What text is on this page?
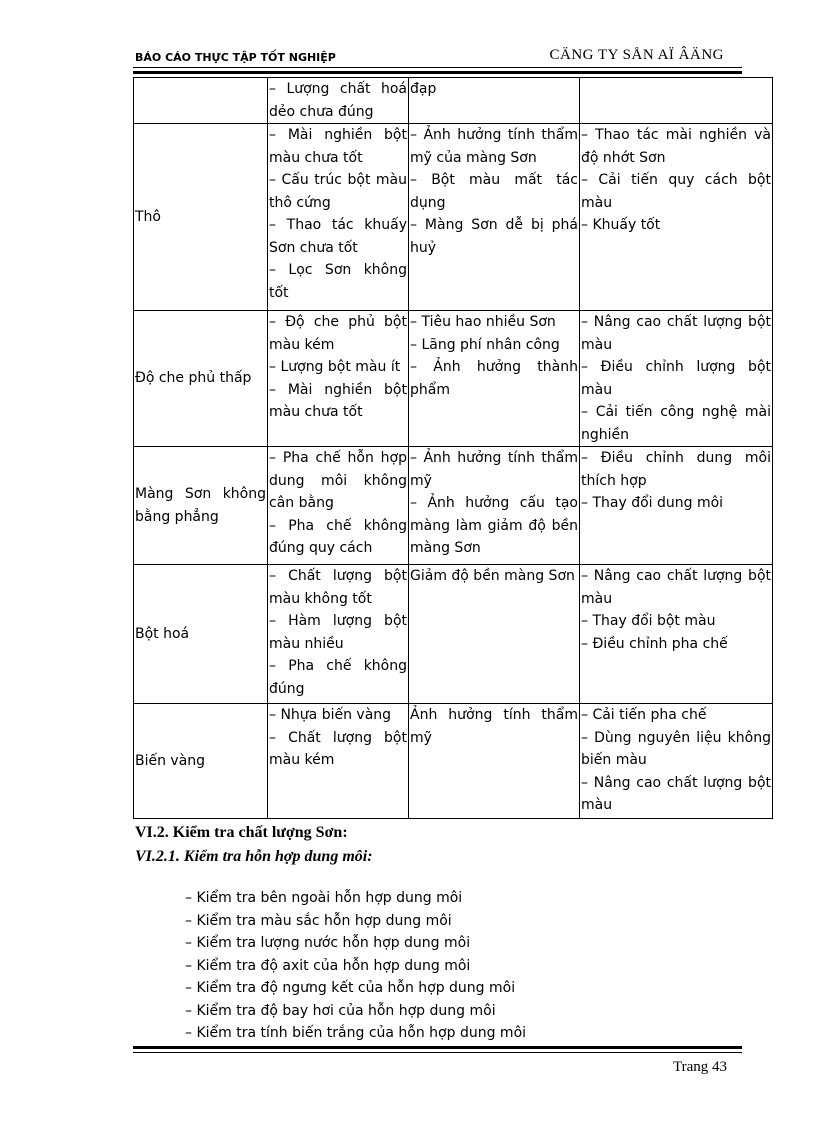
BÁO CÁO THỰC TẬP TỐT NGHIỆP	CÄNG TY SÅN AÏ ÂÄNG

	– Lượng chất hoá dẻo chưa đúng	đạp	

Thô	– Mài nghiền bột màu chưa tốt
– Cấu trúc bột màu thô cứng
– Thao tác khuấy Sơn chưa tốt
– Lọc Sơn không tốt	– Ảnh hưởng tính thẩm mỹ của màng Sơn
– Bột màu mất tác dụng
– Màng Sơn dễ bị phá huỷ	– Thao tác mài nghiền và độ nhớt Sơn
– Cải tiến quy cách bột màu
– Khuấy tốt

Độ che phủ thấp	– Độ che phủ bột màu kém
– Lượng bột màu ít
– Mài nghiền bột màu chưa tốt	– Tiêu hao nhiều Sơn
– Lãng phí nhân công
– Ảnh hưởng thành phẩm	– Nâng cao chất lượng bột màu
– Điều chỉnh lượng bột màu
– Cải tiến công nghệ mài nghiền

Màng Sơn không bằng phẳng	– Pha chế hỗn hợp dung môi không cân bằng
– Pha chế không đúng quy cách	– Ảnh hưởng tính thẩm mỹ
– Ảnh hưởng cấu tạo màng làm giảm độ bền màng Sơn	– Điều chỉnh dung môi thích hợp
– Thay đổi dung môi

Bột hoá	– Chất lượng bột màu không tốt
– Hàm lượng bột màu nhiều
– Pha chế không đúng	Giảm độ bền màng Sơn	– Nâng cao chất lượng bột màu
– Thay đổi bột màu
– Điều chỉnh pha chế

Biến vàng	– Nhựa biến vàng
– Chất lượng bột màu kém	Ảnh hưởng tính thẩm mỹ	– Cải tiến pha chế
– Dùng nguyên liệu không biến màu
– Nâng cao chất lượng bột màu
VI.2. Kiểm tra chất lượng Sơn:
VI.2.1. Kiểm tra hỗn hợp dung môi:
– Kiểm tra bên ngoài hỗn hợp dung môi
– Kiểm tra màu sắc hỗn hợp dung môi
– Kiểm tra lượng nước hỗn hợp dung môi
– Kiểm tra độ axit của hỗn hợp dung môi
– Kiểm tra độ ngưng kết của hỗn hợp dung môi
– Kiểm tra độ bay hơi của hỗn hợp dung môi
– Kiểm tra tính biến trắng của hỗn hợp dung môi
Trang 43
